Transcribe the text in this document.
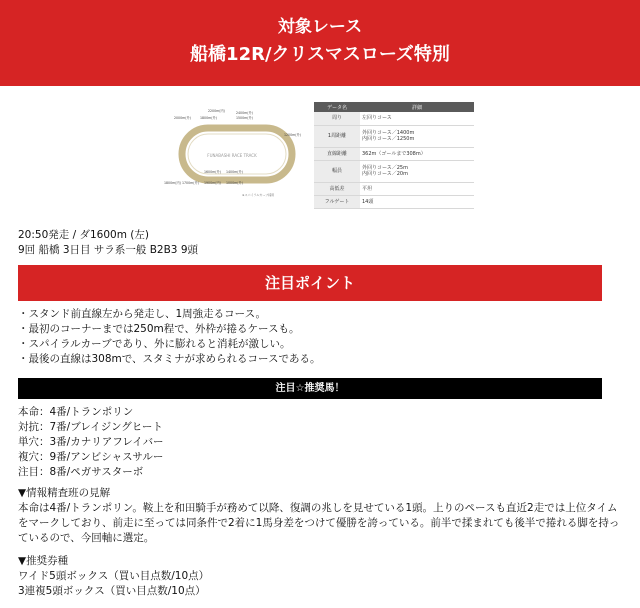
対象レース
船橋12R/クリスマスローズ特別
FUNABASHI RACE TRACK
2200m(内)
2000m(外)	1800m(外)	1500m(外)
2400m(外)
1200m(外)
1600m(外) 1400m(外)
1800m(内) 1700m(外) 1900m(内) 1000m(外)
※スパイラルカーブ採用
データ名	詳細
周り	左回りコース
1周距離	外回りコース／1400m
内回りコース／1250m
直線距離	362m（ゴールまで308m）
幅員	外回りコース／25m
内回りコース／20m
高低差	平坦
フルゲート	14頭
20:50発走 / ダ1600m (左)
9回 船橋 3日目 サラ系一般 B2B3 9頭
注目ポイント
・スタンド前直線左から発走し、1周強走るコース。
・最初のコーナーまでは250m程で、外枠が捲るケースも。
・スパイラルカーブであり、外に膨れると消耗が激しい。
・最後の直線は308mで、スタミナが求められるコースである。
注目☆推奨馬！
本命：4番/トランポリン
対抗：7番/ブレイジングヒート
単穴：3番/カナリアフレイバー
複穴：9番/アンビシャスサルー
注目：8番/ペガサスターボ
▼情報精査班の見解
本命は4番/トランポリン。鞍上を和田騎手が務めて以降、復調の兆しを見せている1頭。上りのペースも直近2走では上位タイム
をマークしており、前走に至っては同条件で2着に1馬身差をつけて優勝を誇っている。前半で揉まれても後半で捲れる脚を持っ
ているので、今回軸に選定。
▼推奨券種
ワイド5頭ボックス（買い目点数/10点）
3連複5頭ボックス（買い目点数/10点）
